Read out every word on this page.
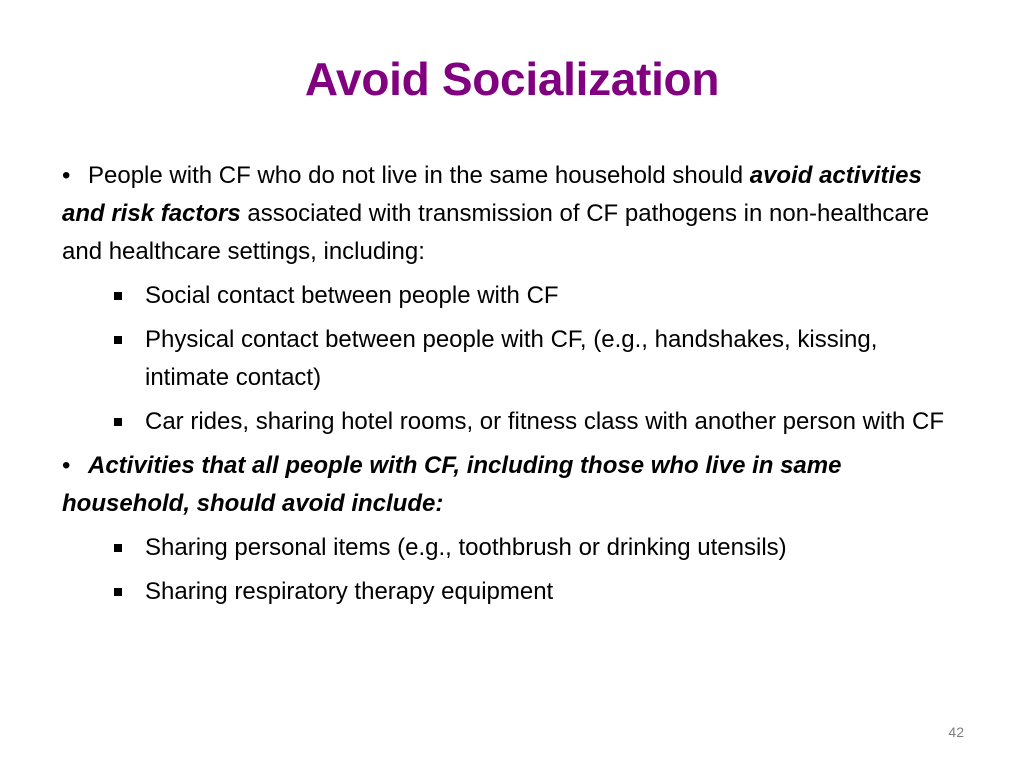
Avoid Socialization
• People with CF who do not live in the same household should avoid activities and risk factors associated with transmission of CF pathogens in non-healthcare and healthcare settings, including:
Social contact between people with CF
Physical contact between people with CF, (e.g., handshakes, kissing, intimate contact)
Car rides, sharing hotel rooms, or fitness class with another person with CF
• Activities that all people with CF, including those who live in same household, should avoid include:
Sharing personal items (e.g., toothbrush or drinking utensils)
Sharing respiratory therapy equipment
42
